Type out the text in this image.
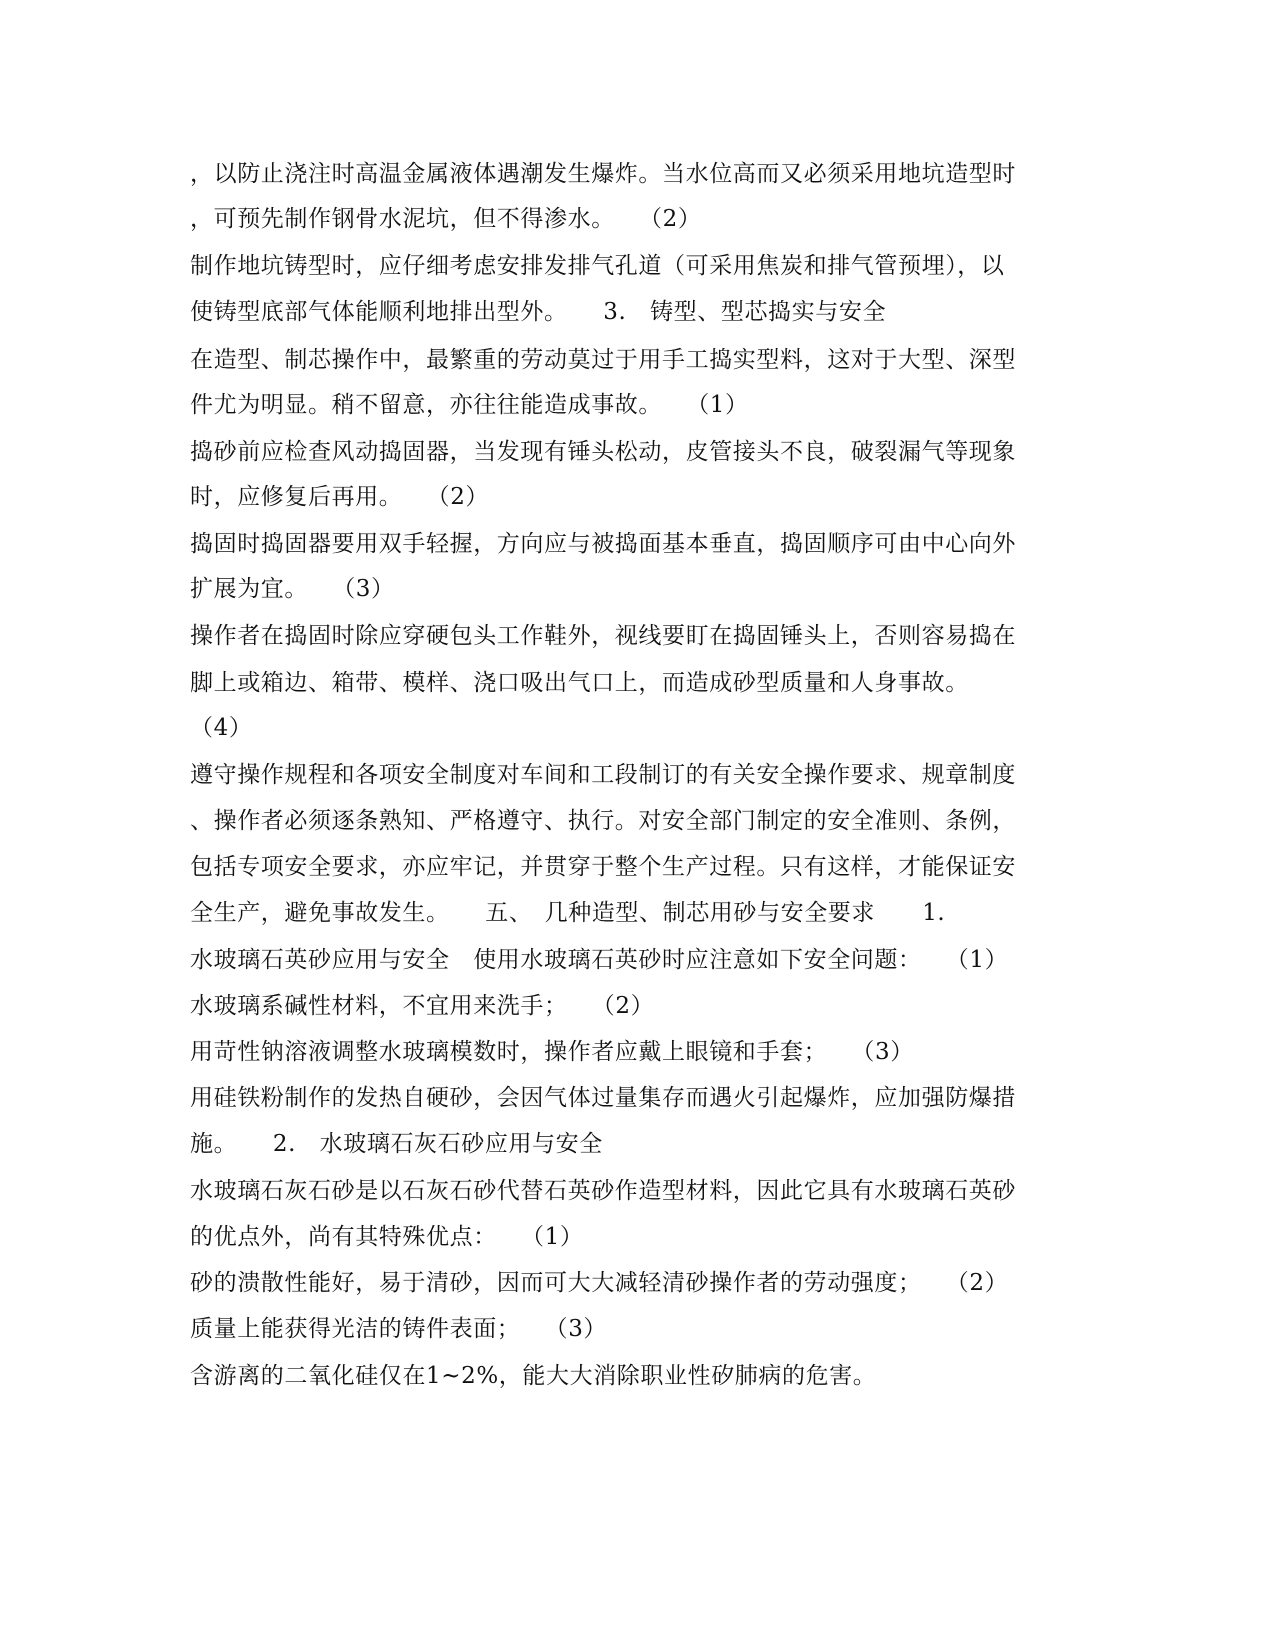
，以防止浇注时高温金属液体遇潮发生爆炸。当水位高而又必须采用地坑造型时
，可预先制作钢骨水泥坑，但不得渗水。　　（2）
制作地坑铸型时，应仔细考虑安排发排气孔道（可采用焦炭和排气管预埋），以
使铸型底部气体能顺利地排出型外。　　3.　铸型、型芯捣实与安全
在造型、制芯操作中，最繁重的劳动莫过于用手工捣实型料，这对于大型、深型
件尤为明显。稍不留意，亦往往能造成事故。　　（1）
捣砂前应检查风动捣固器，当发现有锤头松动，皮管接头不良，破裂漏气等现象
时，应修复后再用。　　（2）
捣固时捣固器要用双手轻握，方向应与被捣面基本垂直，捣固顺序可由中心向外
扩展为宜。　　（3）
操作者在捣固时除应穿硬包头工作鞋外，视线要盯在捣固锤头上，否则容易捣在
脚上或箱边、箱带、模样、浇口吸出气口上，而造成砂型质量和人身事故。
（4）
遵守操作规程和各项安全制度对车间和工段制订的有关安全操作要求、规章制度
、操作者必须逐条熟知、严格遵守、执行。对安全部门制定的安全准则、条例，
包括专项安全要求，亦应牢记，并贯穿于整个生产过程。只有这样，才能保证安
全生产，避免事故发生。　　五、　几种造型、制芯用砂与安全要求　　1.
水玻璃石英砂应用与安全　使用水玻璃石英砂时应注意如下安全问题：　　（1）
水玻璃系碱性材料，不宜用来洗手；　　（2）
用苛性钠溶液调整水玻璃模数时，操作者应戴上眼镜和手套；　　（3）
用硅铁粉制作的发热自硬砂，会因气体过量集存而遇火引起爆炸，应加强防爆措
施。　　2.　水玻璃石灰石砂应用与安全
水玻璃石灰石砂是以石灰石砂代替石英砂作造型材料，因此它具有水玻璃石英砂
的优点外，尚有其特殊优点：　　（1）
砂的溃散性能好，易于清砂，因而可大大减轻清砂操作者的劳动强度；　　（2）
质量上能获得光洁的铸件表面；　　（3）
含游离的二氧化硅仅在1~2%，能大大消除职业性矽肺病的危害。
